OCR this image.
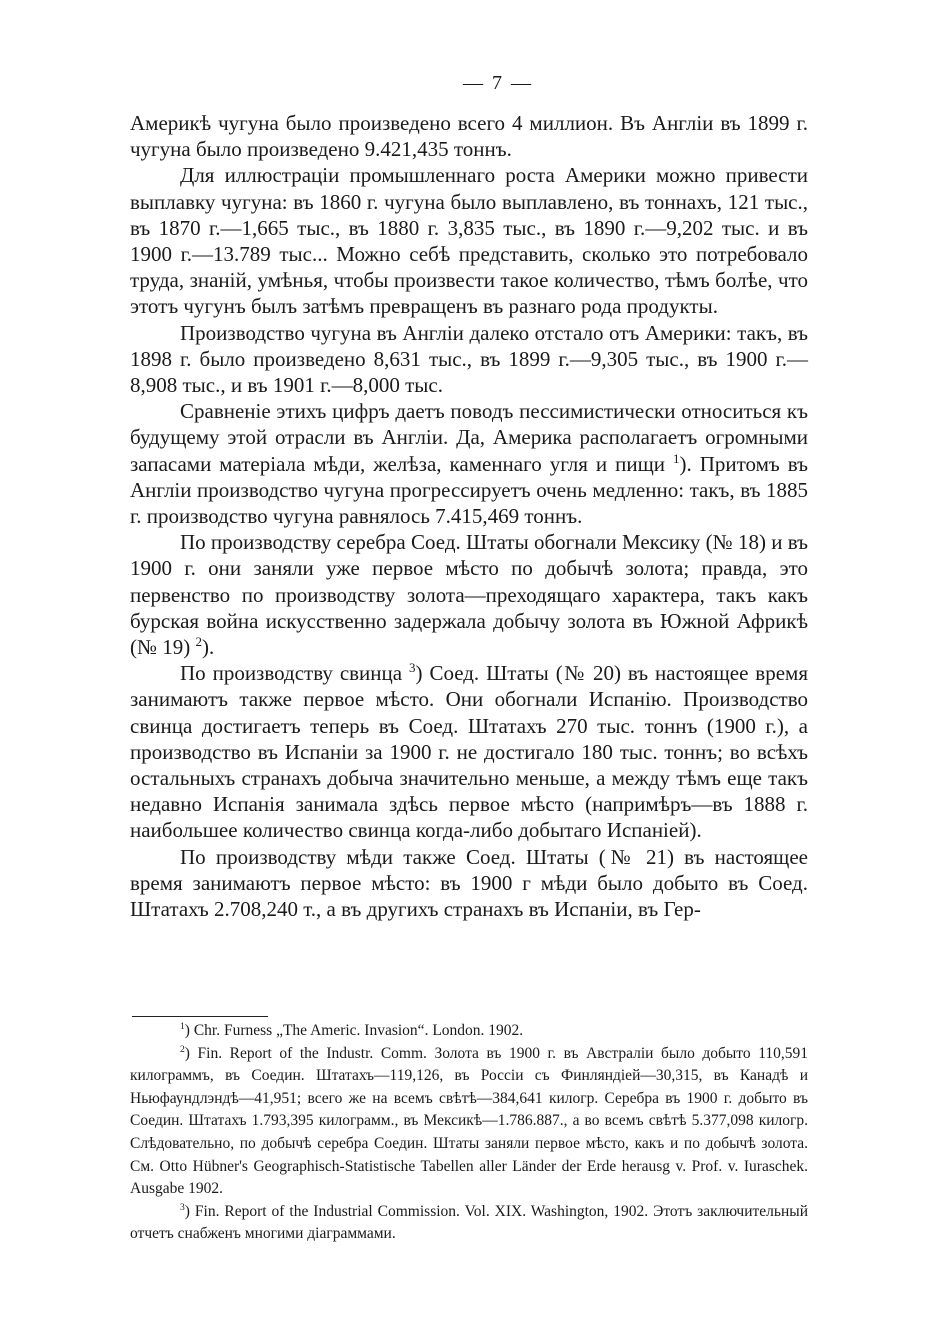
— 7 —

Америкѣ чугуна было произведено всего 4 миллион. Въ Англіи въ 1899 г. чугуна было произведено 9.421,435 тоннъ.

Для иллюстраціи промышленнаго роста Америки можно привести выплавку чугуна: въ 1860 г. чугуна было выплавлено, въ тоннахъ, 121 тыс., въ 1870 г.—1,665 тыс., въ 1880 г. 3,835 тыс., въ 1890 г.—9,202 тыс. и въ 1900 г.—13.789 тыс... Можно себѣ представить, сколько это потребовало труда, знаній, умѣнья, чтобы произвести такое количество, тѣмъ болѣе, что этотъ чугунъ былъ затѣмъ превращенъ въ разнаго рода продукты.

Производство чугуна въ Англіи далеко отстало отъ Америки: такъ, въ 1898 г. было произведено 8,631 тыс., въ 1899 г.—9,305 тыс., въ 1900 г.—8,908 тыс., и въ 1901 г.—8,000 тыс.

Сравненіе этихъ цифръ даетъ поводъ пессимистически относиться къ будущему этой отрасли въ Англіи. Да, Америка располагаетъ огромными запасами матеріала мѣди, желѣза, каменнаго угля и пищи $^1$). Притомъ въ Англіи производство чугуна прогрессируетъ очень медленно: такъ, въ 1885 г. производство чугуна равнялось 7.415,469 тоннъ.

По производству серебра Соед. Штаты обогнали Мексику (№ 18) и въ 1900 г. они заняли уже первое мѣсто по добычѣ золота; правда, это первенство по производству золота—преходящаго характера, такъ какъ бурская война искусственно задержала добычу золота въ Южной Африкѣ (№ 19) $^2$).

По производству свинца $^3$) Соед. Штаты (№ 20) въ настоящее время занимаютъ также первое мѣсто. Они обогнали Испанію. Производство свинца достигаетъ теперь въ Соед. Штатахъ 270 тыс. тоннъ (1900 г.), а производство въ Испаніи за 1900 г. не достигало 180 тыс. тоннъ; во всѣхъ остальныхъ странахъ добыча значительно меньше, а между тѣмъ еще такъ недавно Испанія занимала здѣсь первое мѣсто (напримѣръ—въ 1888 г. наибольшее количество свинца когда-либо добытаго Испаніей).

По производству мѣди также Соед. Штаты (№ 21) въ настоящее время занимаютъ первое мѣсто: въ 1900 г мѣди было добыто въ Соед. Штатахъ 2.708,240 т., а въ другихъ странахъ въ Испаніи, въ Гер-

$^1$) Chr. Furness „The Americ. Invasion“. London. 1902.

$^2$) Fin. Report of the Industr. Comm. Золота въ 1900 г. въ Австраліи было добыто 110,591 килограммъ, въ Соедин. Штатахъ—119,126, въ Россіи съ Финляндіей—30,315, въ Канадѣ и Ньюфаундлэндѣ—41,951; всего же на всемъ свѣтѣ—384,641 килогр. Серебра въ 1900 г. добыто въ Соедин. Штатахъ 1.793,395 килограмм., въ Мексикѣ—1.786.887., а во всемъ свѣтѣ 5.377,098 килогр. Слѣдовательно, по добычѣ серебра Соедин. Штаты заняли первое мѣсто, какъ и по добычѣ золота. См. Otto Hübner's Geographisch-Statistische Tabellen aller Länder der Erde herausg v. Prof. v. Iuraschek. Ausgabe 1902.

$^3$) Fin. Report of the Industrial Commission. Vol. XIX. Washington, 1902. Этотъ заключительный отчетъ снабженъ многими діаграммами.
